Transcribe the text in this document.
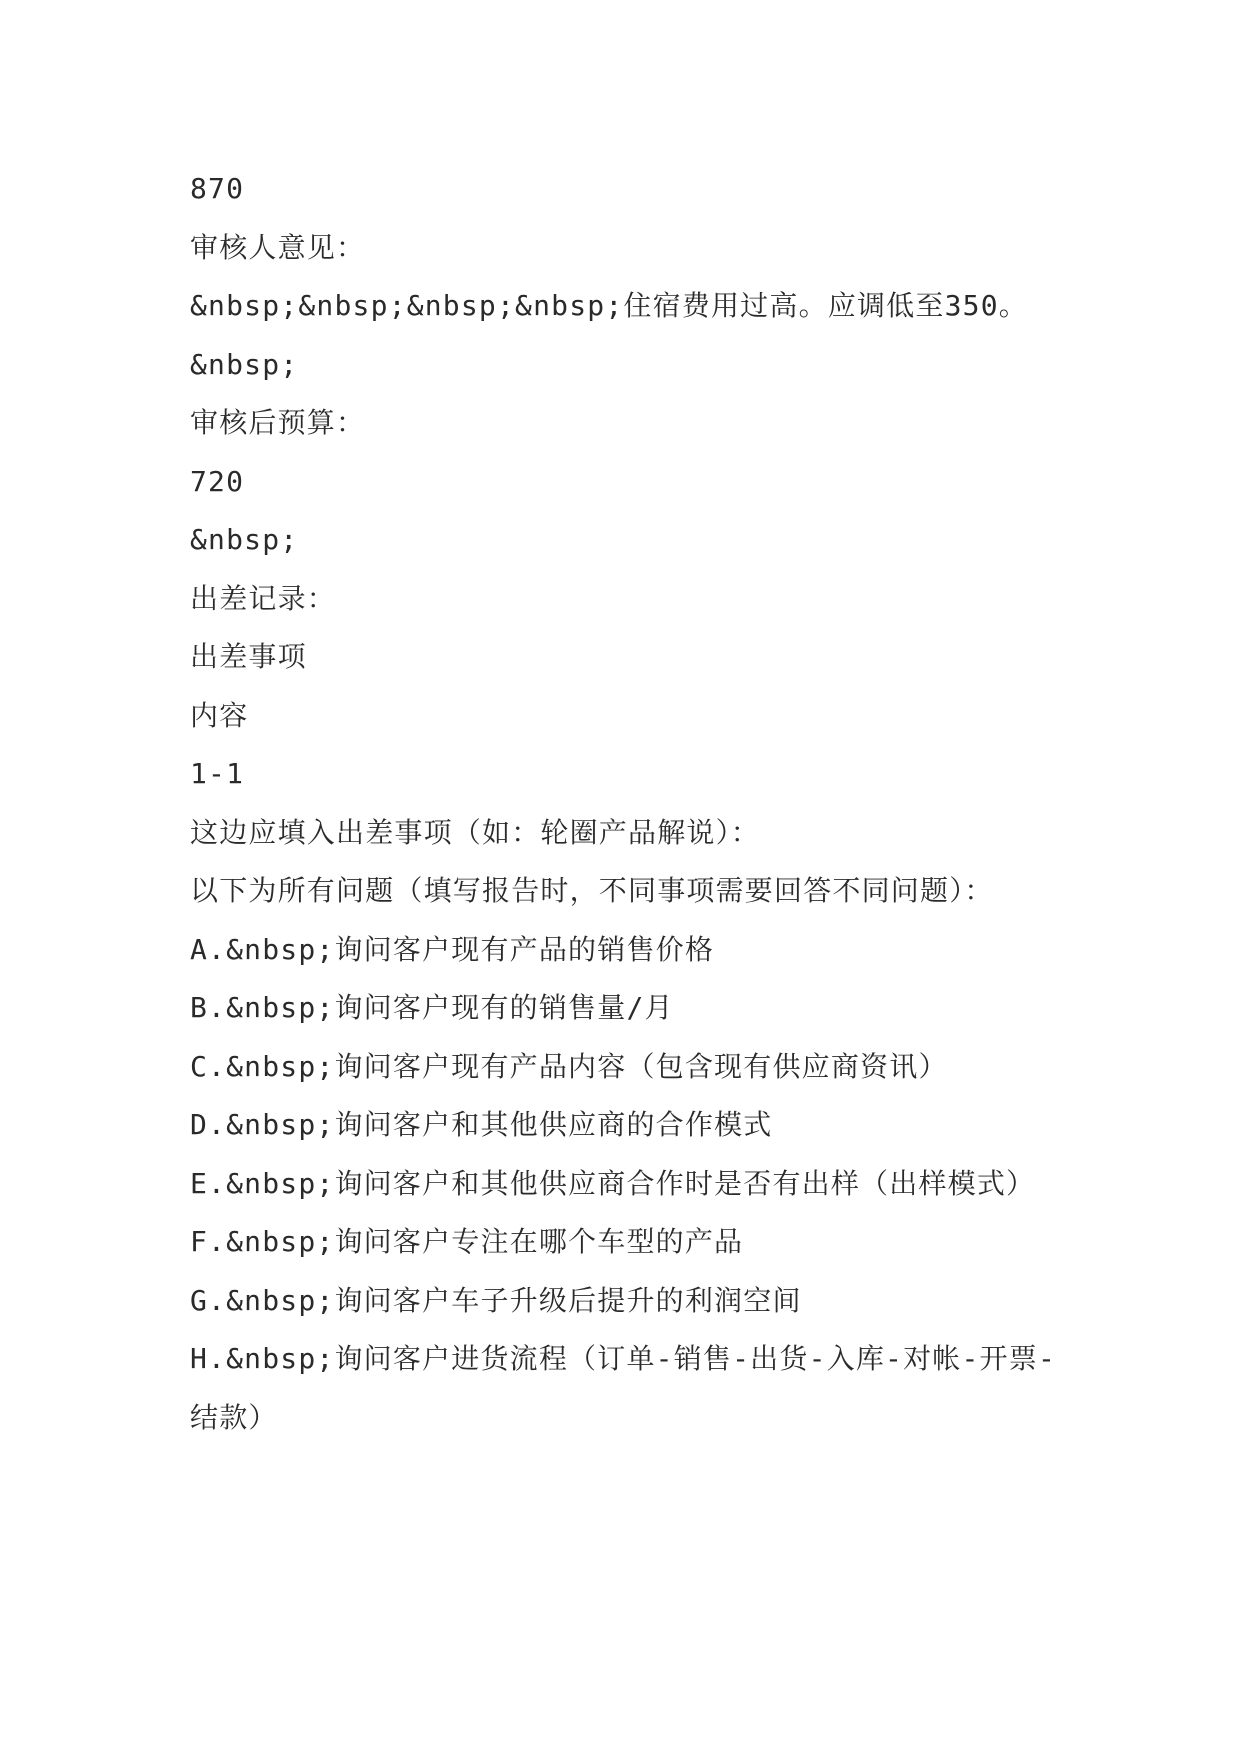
870

审核人意见：

&nbsp;&nbsp;&nbsp;&nbsp;住宿费用过高。应调低至350。

&nbsp;

审核后预算：

720

&nbsp;

出差记录：

出差事项

内容

1-1

这边应填入出差事项（如：轮圈产品解说）：

以下为所有问题（填写报告时，不同事项需要回答不同问题）：

A.&nbsp;询问客户现有产品的销售价格

B.&nbsp;询问客户现有的销售量/月

C.&nbsp;询问客户现有产品内容（包含现有供应商资讯）

D.&nbsp;询问客户和其他供应商的合作模式

E.&nbsp;询问客户和其他供应商合作时是否有出样（出样模式）

F.&nbsp;询问客户专注在哪个车型的产品

G.&nbsp;询问客户车子升级后提升的利润空间

H.&nbsp;询问客户进货流程（订单-销售-出货-入库-对帐-开票-结款）
